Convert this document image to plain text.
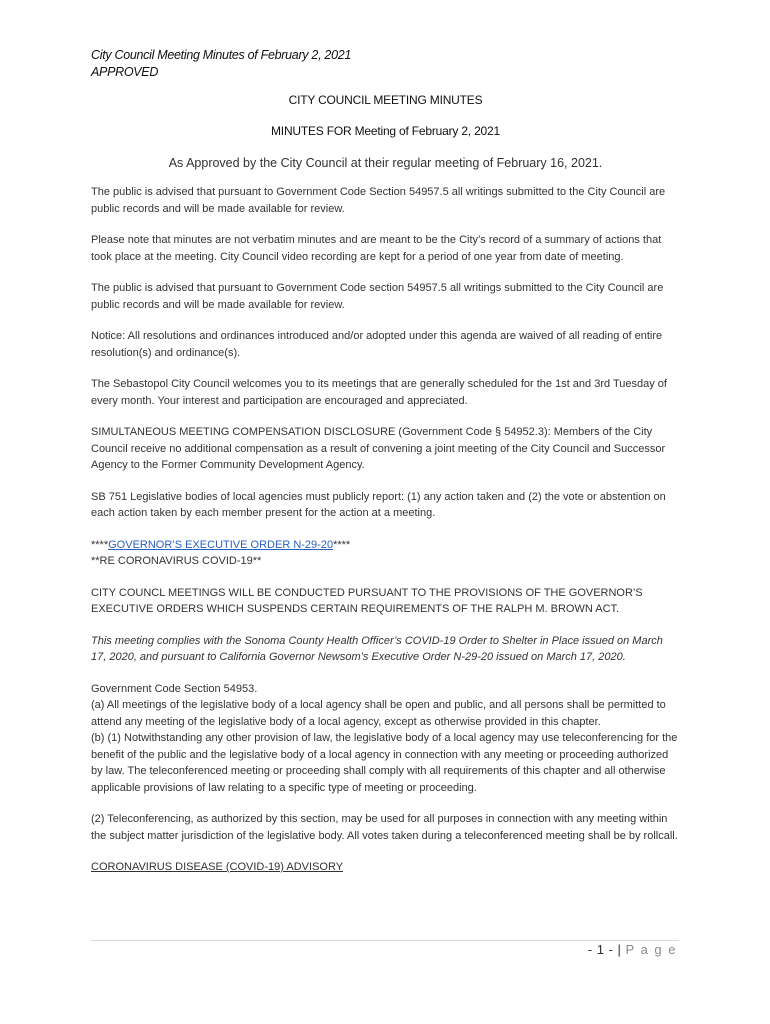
City Council Meeting Minutes of February 2, 2021
APPROVED
CITY COUNCIL MEETING MINUTES
MINUTES FOR Meeting of February 2, 2021
As Approved by the City Council at their regular meeting of February 16, 2021.

The public is advised that pursuant to Government Code Section 54957.5 all writings submitted to the City Council are public records and will be made available for review.

Please note that minutes are not verbatim minutes and are meant to be the City’s record of a summary of actions that took place at the meeting. City Council video recording are kept for a period of one year from date of meeting.

The public is advised that pursuant to Government Code section 54957.5 all writings submitted to the City Council are public records and will be made available for review.

Notice: All resolutions and ordinances introduced and/or adopted under this agenda are waived of all reading of entire resolution(s) and ordinance(s).

The Sebastopol City Council welcomes you to its meetings that are generally scheduled for the 1st and 3rd Tuesday of every month. Your interest and participation are encouraged and appreciated.

SIMULTANEOUS MEETING COMPENSATION DISCLOSURE (Government Code § 54952.3): Members of the City Council receive no additional compensation as a result of convening a joint meeting of the City Council and Successor Agency to the Former Community Development Agency.

SB 751 Legislative bodies of local agencies must publicly report: (1) any action taken and (2) the vote or abstention on each action taken by each member present for the action at a meeting.

****GOVERNOR’S EXECUTIVE ORDER N-29-20****

**RE CORONAVIRUS COVID-19**

CITY COUNCL MEETINGS WILL BE CONDUCTED PURSUANT TO THE PROVISIONS OF THE GOVERNOR’S EXECUTIVE ORDERS WHICH SUSPENDS CERTAIN REQUIREMENTS OF THE RALPH M. BROWN ACT.

This meeting complies with the Sonoma County Health Officer’s COVID-19 Order to Shelter in Place issued on March 17, 2020, and pursuant to California Governor Newsom’s Executive Order N-29-20 issued on March 17, 2020.

Government Code Section 54953.

(a) All meetings of the legislative body of a local agency shall be open and public, and all persons shall be permitted to attend any meeting of the legislative body of a local agency, except as otherwise provided in this chapter.

(b) (1) Notwithstanding any other provision of law, the legislative body of a local agency may use teleconferencing for the benefit of the public and the legislative body of a local agency in connection with any meeting or proceeding authorized by law. The teleconferenced meeting or proceeding shall comply with all requirements of this chapter and all otherwise applicable provisions of law relating to a specific type of meeting or proceeding.

(2) Teleconferencing, as authorized by this section, may be used for all purposes in connection with any meeting within the subject matter jurisdiction of the legislative body. All votes taken during a teleconferenced meeting shall be by rollcall.

CORONAVIRUS DISEASE (COVID-19) ADVISORY

- 1 - | P a g e
